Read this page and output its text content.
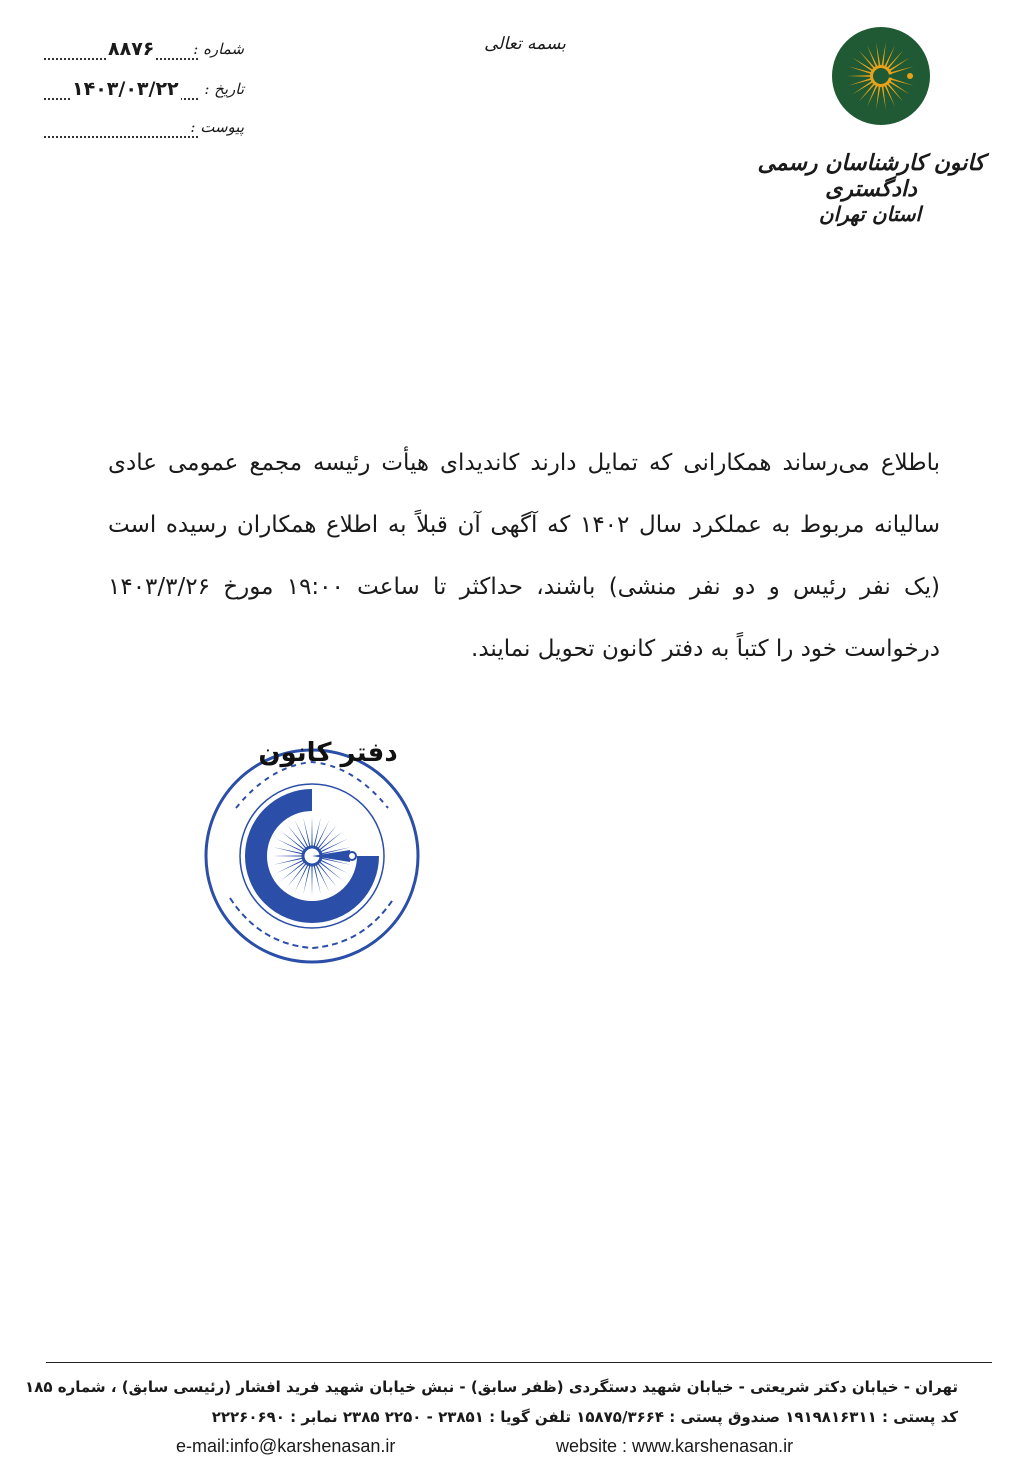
شماره :
۸۸۷۶
تاریخ :
۱۴۰۳/۰۳/۲۲
پیوست :
بسمه تعالی
کانون کارشناسان رسمی دادگستری
استان تهران
باطلاع می‌رساند همکارانی که تمایل دارند کاندیدای هیأت رئیسه مجمع عمومی عادی سالیانه مربوط به عملکرد سال ۱۴۰۲ که آگهی آن قبلاً به اطلاع همکاران رسیده است (یک نفر رئیس و دو نفر منشی) باشند، حداکثر تا ساعت ۱۹:۰۰ مورخ ۱۴۰۳/۳/۲۶ درخواست خود را کتباً به دفتر کانون تحویل نمایند.
دفتر کانون
تهران - خیابان دکتر شریعتی - خیابان شهید دستگردی (ظفر سابق) - نبش خیابان شهید فرید افشار (رئیسی سابق) ، شماره ۱۸۵
کد پستی : ۱۹۱۹۸۱۶۳۱۱ صندوق پستی : ۱۵۸۷۵/۳۶۶۴ تلفن گویا : ۲۳۸۵۱ - ۲۲۵۰ ۲۳۸۵ نمابر : ۲۲۲۶۰۶۹۰
e-mail:info@karshenasan.ir	website : www.karshenasan.ir
